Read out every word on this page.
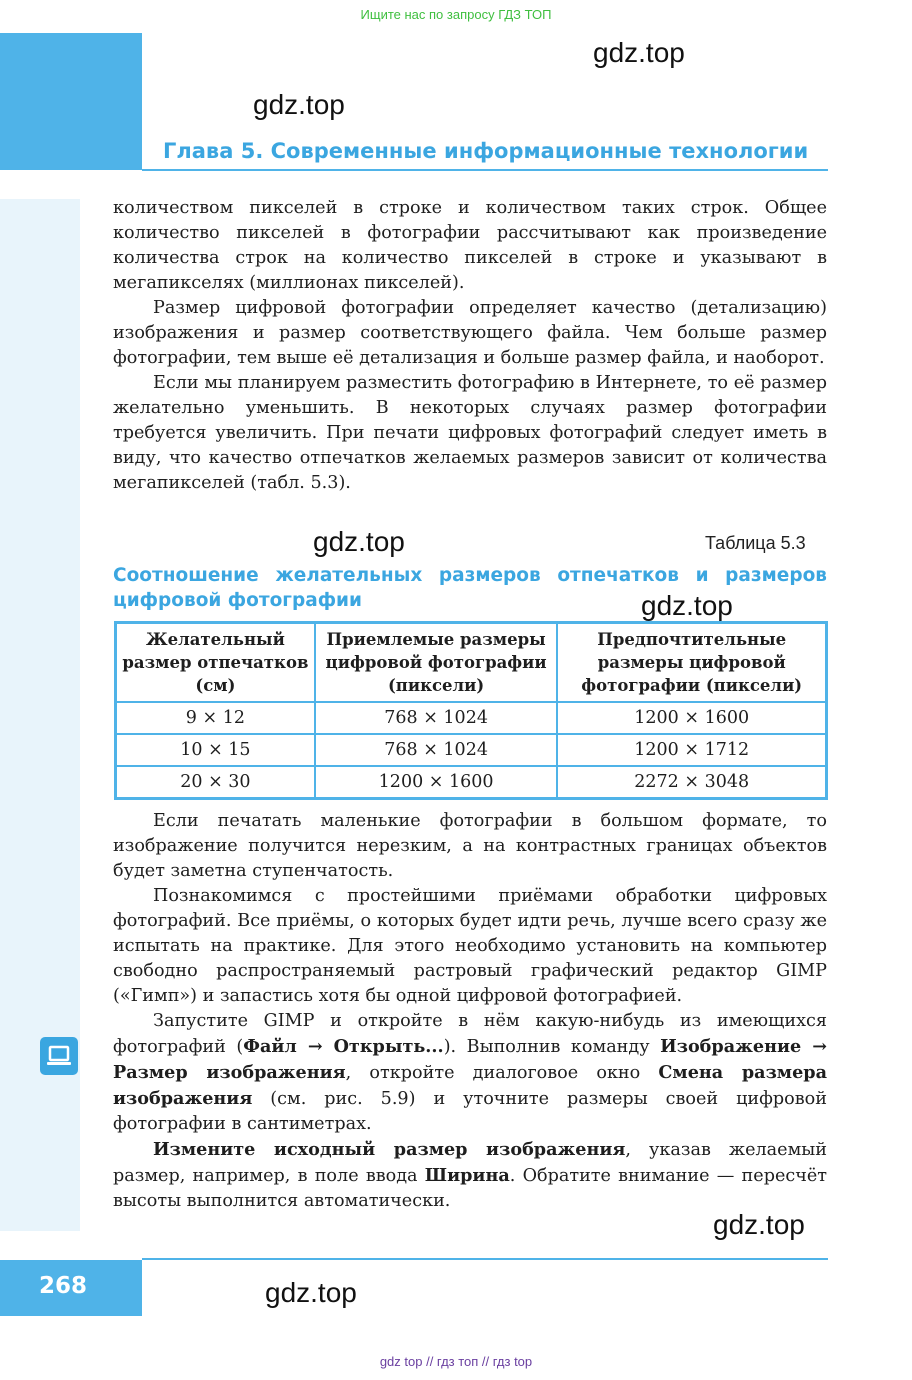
Ищите нас по запросу ГДЗ ТОП
gdz.top
gdz.top
Глава 5. Современные информационные технологии

количеством пикселей в строке и количеством таких строк. Общее количество пикселей в фотографии рассчитывают как произведение количества строк на количество пикселей в строке и указывают в мегапикселях (миллионах пикселей).

Размер цифровой фотографии определяет качество (детализацию) изображения и размер соответствующего файла. Чем больше размер фотографии, тем выше её детализация и больше размер файла, и наоборот.

Если мы планируем разместить фотографию в Интернете, то её размер желательно уменьшить. В некоторых случаях размер фотографии требуется увеличить. При печати цифровых фотографий следует иметь в виду, что качество отпечатков желаемых размеров зависит от количества мегапикселей (табл. 5.3).

gdz.top	Таблица 5.3
Соотношение желательных размеров отпечатков и размеров цифровой фотографии	gdz.top
Желательный размер отпечатков (см)	Приемлемые размеры цифровой фотографии (пиксели)	Предпочтительные размеры цифровой фотографии (пиксели)
9 × 12	768 × 1024	1200 × 1600
10 × 15	768 × 1024	1200 × 1712
20 × 30	1200 × 1600	2272 × 3048

Если печатать маленькие фотографии в большом формате, то изображение получится нерезким, а на контрастных границах объектов будет заметна ступенчатость.

Познакомимся с простейшими приёмами обработки цифровых фотографий. Все приёмы, о которых будет идти речь, лучше всего сразу же испытать на практике. Для этого необходимо установить на компьютер свободно распространяемый растровый графический редактор GIMP («Гимп») и запастись хотя бы одной цифровой фотографией.

Запустите GIMP и откройте в нём какую-нибудь из имеющихся фотографий (Файл → Открыть...). Выполнив команду Изображение → Размер изображения, откройте диалоговое окно Смена размера изображения (см. рис. 5.9) и уточните размеры своей цифровой фотографии в сантиметрах.

Измените исходный размер изображения, указав желаемый размер, например, в поле ввода Ширина. Обратите внимание — пересчёт высоты выполнится автоматически.

gdz.top
268	gdz.top
gdz top // гдз топ // гдз top
